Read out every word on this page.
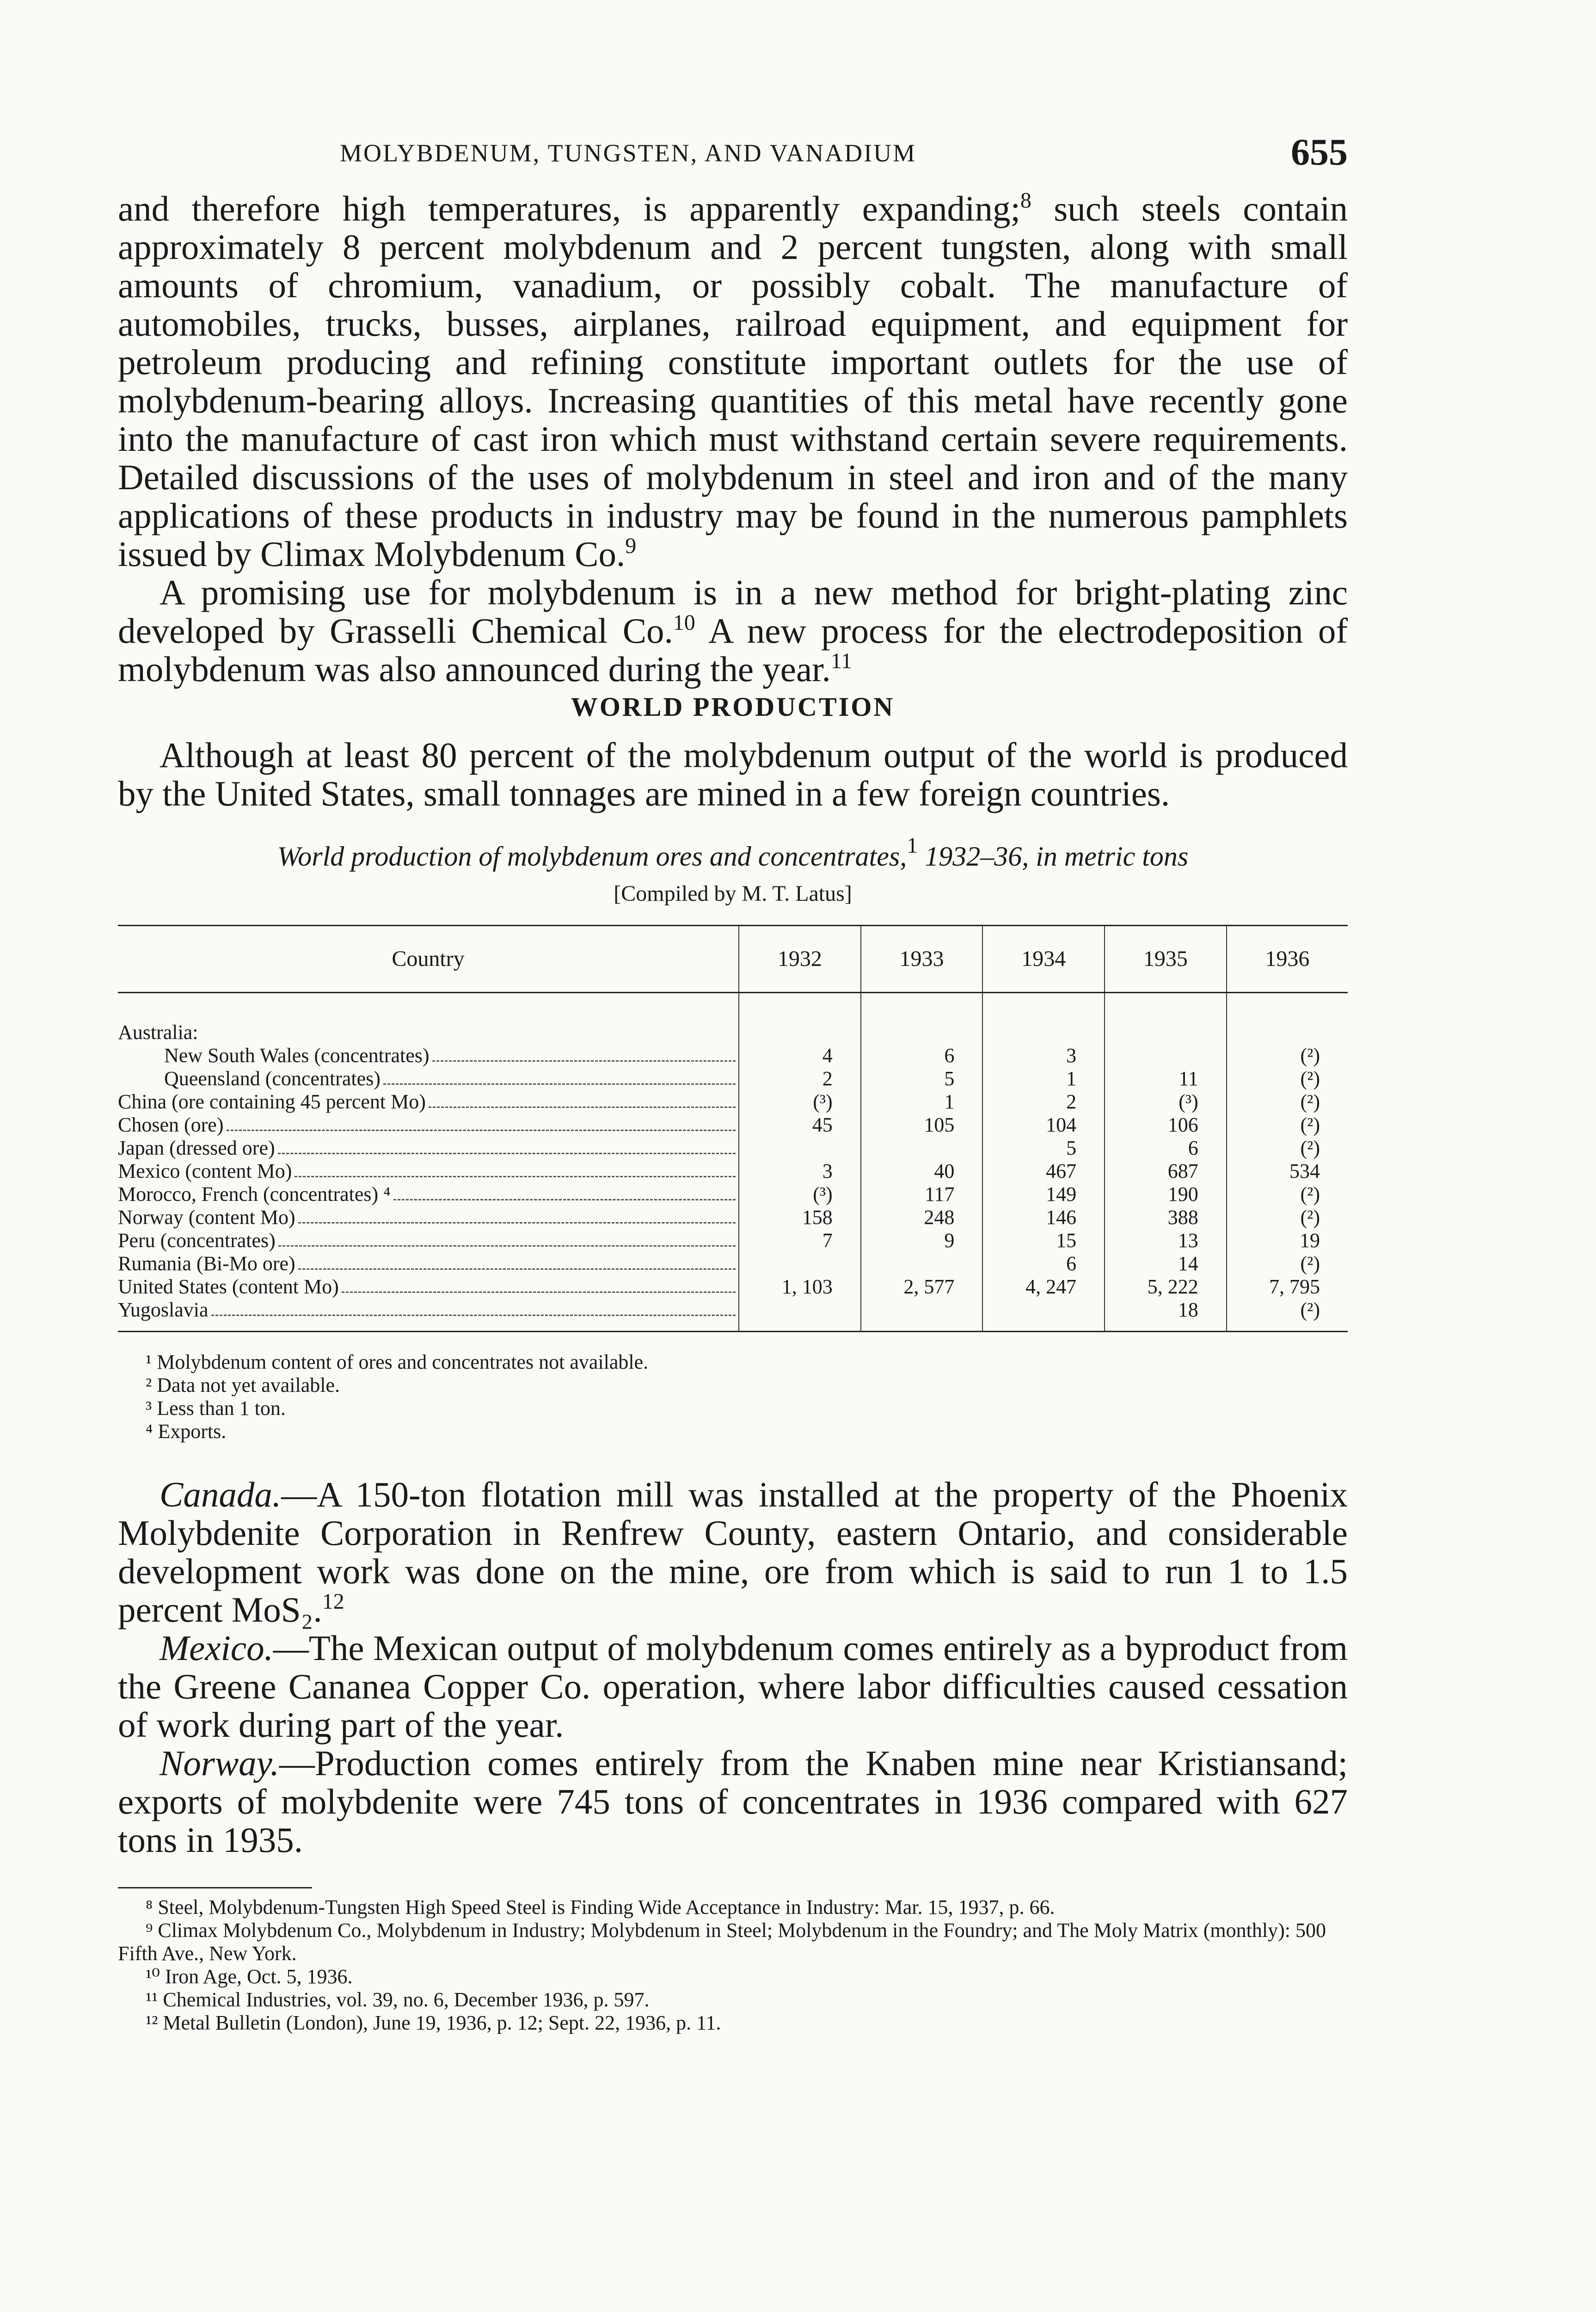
MOLYBDENUM, TUNGSTEN, AND VANADIUM	655

and therefore high temperatures, is apparently expanding;$^8$ such steels contain approximately 8 percent molybdenum and 2 percent tungsten, along with small amounts of chromium, vanadium, or possibly cobalt. The manufacture of automobiles, trucks, busses, airplanes, railroad equipment, and equipment for petroleum producing and refining constitute important outlets for the use of molybdenum-bearing alloys. Increasing quantities of this metal have recently gone into the manufacture of cast iron which must withstand certain severe requirements. Detailed discussions of the uses of molybdenum in steel and iron and of the many applications of these products in industry may be found in the numerous pamphlets issued by Climax Molybdenum Co.$^9$

A promising use for molybdenum is in a new method for bright-plating zinc developed by Grasselli Chemical Co.$^{10}$ A new process for the electrodeposition of molybdenum was also announced during the year.$^{11}$

WORLD PRODUCTION

Although at least 80 percent of the molybdenum output of the world is produced by the United States, small tonnages are mined in a few foreign countries.

World production of molybdenum ores and concentrates,$^1$ 1932–36, in metric tons
[Compiled by M. T. Latus]
Country	1932	1933	1934	1935	1936

Australia:					

New South Wales (concentrates)	4	6	3		(²)

Queensland (concentrates)	2	5	1	11	(²)

China (ore containing 45 percent Mo)	(³)	1	2	(³)	(²)

Chosen (ore)	45	105	104	106	(²)

Japan (dressed ore)			5	6	(²)

Mexico (content Mo)	3	40	467	687	534

Morocco, French (concentrates) ⁴	(³)	117	149	190	(²)

Norway (content Mo)	158	248	146	388	(²)

Peru (concentrates)	7	9	15	13	19

Rumania (Bi-Mo ore)			6	14	(²)

United States (content Mo)	1, 103	2, 577	4, 247	5, 222	7, 795

Yugoslavia				18	(²)
¹ Molybdenum content of ores and concentrates not available.
² Data not yet available.
³ Less than 1 ton.
⁴ Exports.

Canada.—A 150-ton flotation mill was installed at the property of the Phoenix Molybdenite Corporation in Renfrew County, eastern Ontario, and considerable development work was done on the mine, ore from which is said to run 1 to 1.5 percent MoS₂.$^{12}$

Mexico.—The Mexican output of molybdenum comes entirely as a byproduct from the Greene Cananea Copper Co. operation, where labor difficulties caused cessation of work during part of the year.

Norway.—Production comes entirely from the Knaben mine near Kristiansand; exports of molybdenite were 745 tons of concentrates in 1936 compared with 627 tons in 1935.

⁸ Steel, Molybdenum-Tungsten High Speed Steel is Finding Wide Acceptance in Industry: Mar. 15, 1937, p. 66.

⁹ Climax Molybdenum Co., Molybdenum in Industry; Molybdenum in Steel; Molybdenum in the Foundry; and The Moly Matrix (monthly): 500 Fifth Ave., New York.

¹⁰ Iron Age, Oct. 5, 1936.

¹¹ Chemical Industries, vol. 39, no. 6, December 1936, p. 597.

¹² Metal Bulletin (London), June 19, 1936, p. 12; Sept. 22, 1936, p. 11.
